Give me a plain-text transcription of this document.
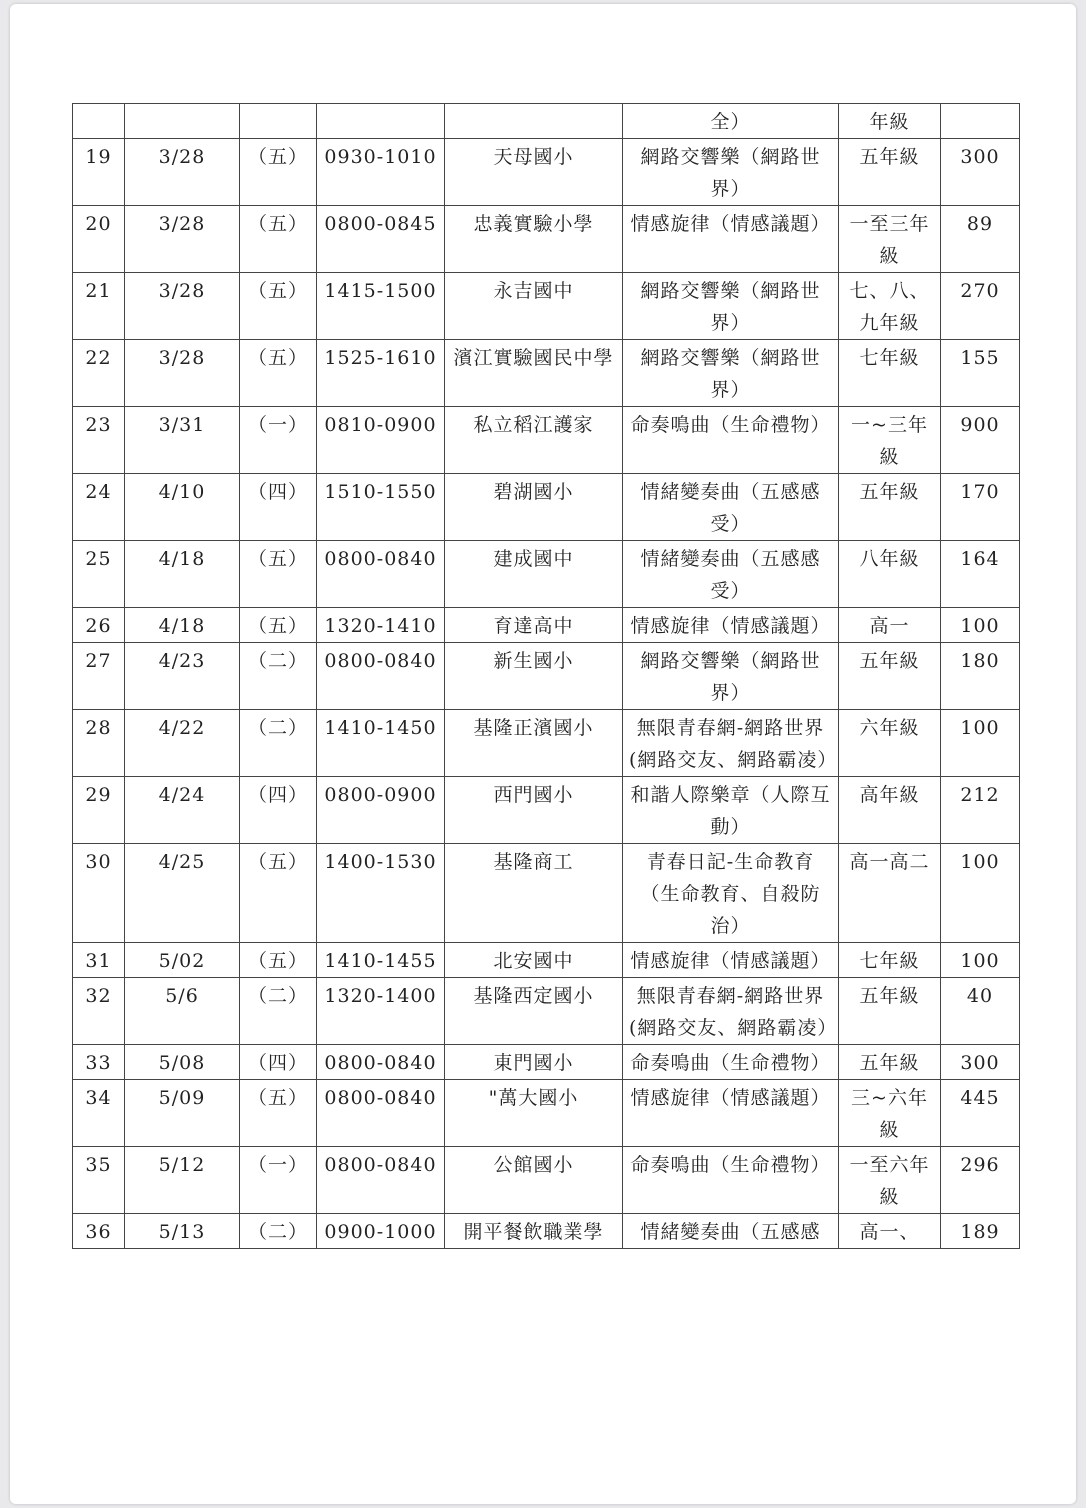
					全）	年級	
19	3/28	（五）	0930-1010	天母國小	網路交響樂（網路世界）	五年級	300
20	3/28	（五）	0800-0845	忠義實驗小學	情感旋律（情感議題）	一至三年級	89
21	3/28	（五）	1415-1500	永吉國中	網路交響樂（網路世界）	七、八、九年級	270
22	3/28	（五）	1525-1610	濱江實驗國民中學	網路交響樂（網路世界）	七年級	155
23	3/31	（一）	0810-0900	私立稻江護家	命奏鳴曲（生命禮物）	一~三年級	900
24	4/10	（四）	1510-1550	碧湖國小	情緒變奏曲（五感感受）	五年級	170
25	4/18	（五）	0800-0840	建成國中	情緒變奏曲（五感感受）	八年級	164
26	4/18	（五）	1320-1410	育達高中	情感旋律（情感議題）	高一	100
27	4/23	（二）	0800-0840	新生國小	網路交響樂（網路世界）	五年級	180
28	4/22	（二）	1410-1450	基隆正濱國小	無限青春網-網路世界(網路交友、網路霸凌）	六年級	100
29	4/24	（四）	0800-0900	西門國小	和諧人際樂章（人際互動）	高年級	212
30	4/25	（五）	1400-1530	基隆商工	青春日記-生命教育（生命教育、自殺防治）	高一高二	100
31	5/02	（五）	1410-1455	北安國中	情感旋律（情感議題）	七年級	100
32	5/6	（二）	1320-1400	基隆西定國小	無限青春網-網路世界(網路交友、網路霸凌）	五年級	40
33	5/08	（四）	0800-0840	東門國小	命奏鳴曲（生命禮物）	五年級	300
34	5/09	（五）	0800-0840	"萬大國小	情感旋律（情感議題）	三~六年級	445
35	5/12	（一）	0800-0840	公館國小	命奏鳴曲（生命禮物）	一至六年級	296
36	5/13	（二）	0900-1000	開平餐飲職業學	情緒變奏曲（五感感	高一、	189
